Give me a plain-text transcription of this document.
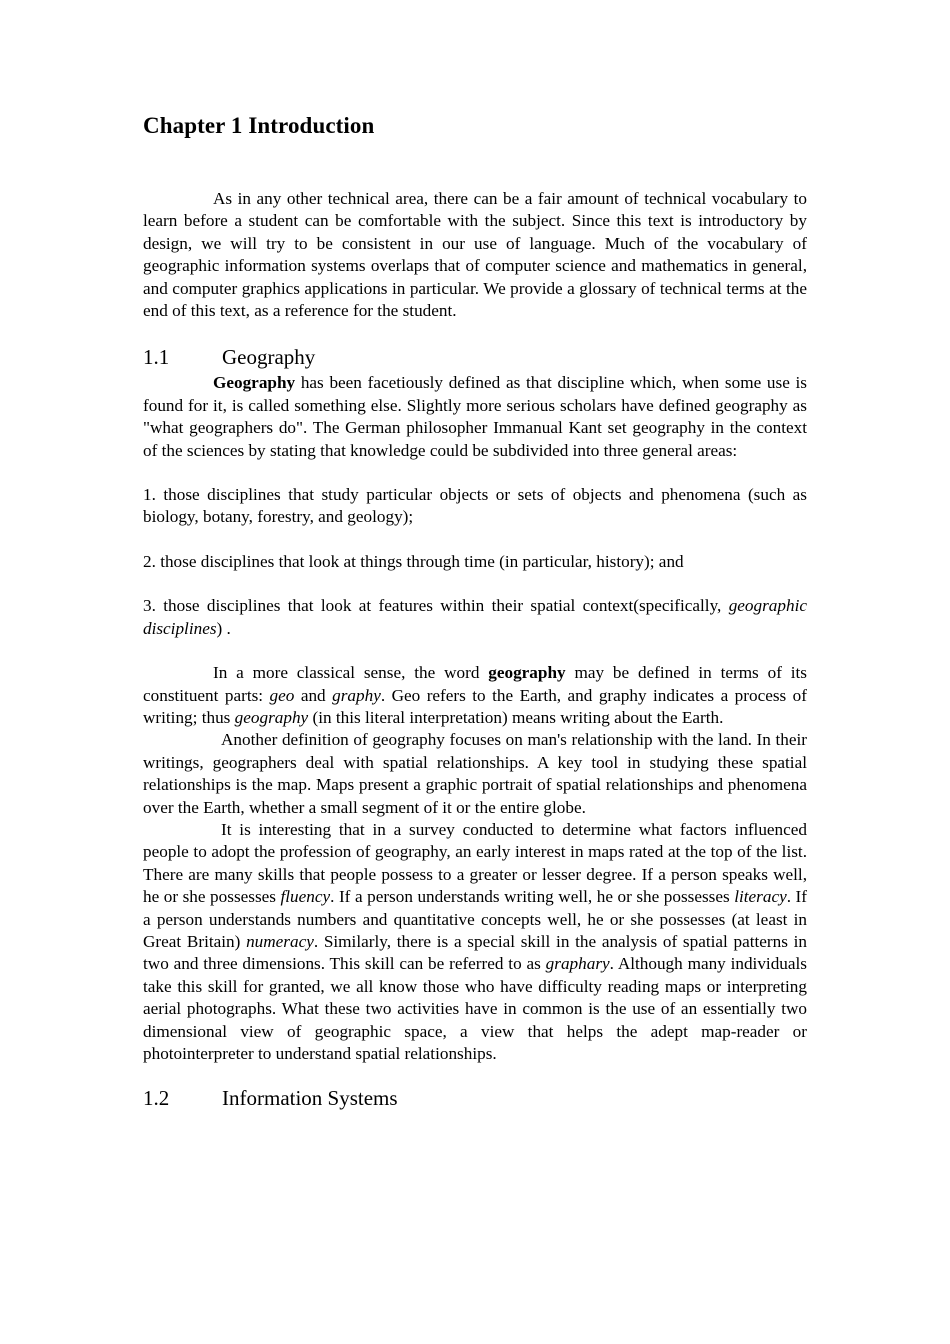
Chapter 1 Introduction

As in any other technical area, there can be a fair amount of technical vocabulary to learn before a student can be comfortable with the subject. Since this text is introductory by design, we will try to be consistent in our use of language. Much of the vocabulary of geographic information systems overlaps that of computer science and mathematics in general, and computer graphics applications in particular. We provide a glossary of technical terms at the end of this text, as a reference for the student.

1.1	Geography

Geography has been facetiously defined as that discipline which, when some use is found for it, is called something else. Slightly more serious scholars have defined geography as "what geographers do". The German philosopher Immanual Kant set geography in the context of the sciences by stating that knowledge could be subdivided into three general areas:

1. those disciplines that study particular objects or sets of objects and phenomena (such as biology, botany, forestry, and geology);

2. those disciplines that look at things through time (in particular, history); and

3. those disciplines that look at features within their spatial context(specifically, geographic disciplines) .

In a more classical sense, the word geography may be defined in terms of its constituent parts: geo and graphy. Geo refers to the Earth, and graphy indicates a process of writing; thus geography (in this literal interpretation) means writing about the Earth.

Another definition of geography focuses on man's relationship with the land. In their writings, geographers deal with spatial relationships. A key tool in studying these spatial relationships is the map. Maps present a graphic portrait of spatial relationships and phenomena over the Earth, whether a small segment of it or the entire globe.

It is interesting that in a survey conducted to determine what factors influenced people to adopt the profession of geography, an early interest in maps rated at the top of the list. There are many skills that people possess to a greater or lesser degree. If a person speaks well, he or she possesses fluency. If a person understands writing well, he or she possesses literacy. If a person understands numbers and quantitative concepts well, he or she possesses (at least in Great Britain) numeracy. Similarly, there is a special skill in the analysis of spatial patterns in two and three dimensions. This skill can be referred to as graphary. Although many individuals take this skill for granted, we all know those who have difficulty reading maps or interpreting aerial photographs. What these two activities have in common is the use of an essentially two dimensional view of geographic space, a view that helps the adept map-reader or photointerpreter to understand spatial relationships.

1.2	Information Systems
